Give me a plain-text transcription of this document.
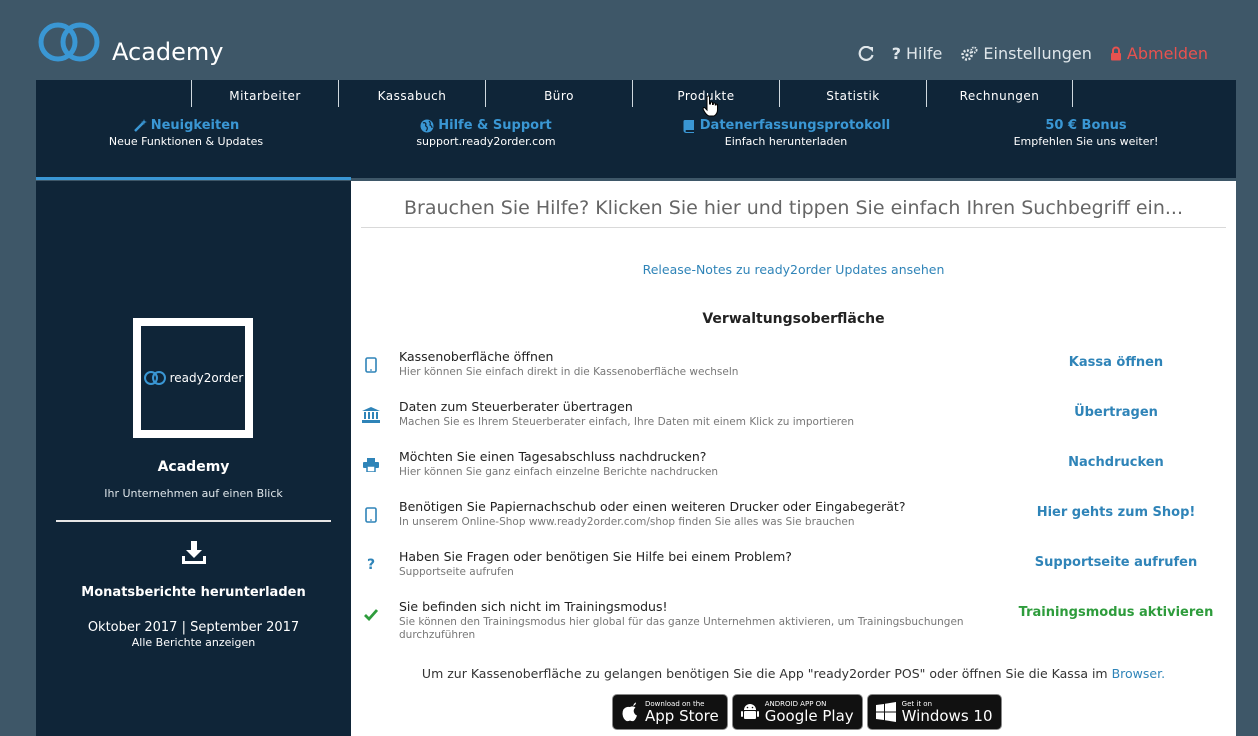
Academy	? Hilfe	Einstellungen Abmelden
Mitarbeiter	Kassabuch	Büro	Produkte	Statistik	Rechnungen
Neuigkeiten
Neue Funktionen & Updates
Hilfe & Support
support.ready2order.com
Datenerfassungsprotokoll
Einfach herunterladen
50 € Bonus
Empfehlen Sie uns weiter!
ready2order
Academy
Ihr Unternehmen auf einen Blick
Monatsberichte herunterladen
Oktober 2017 | September 2017
Alle Berichte anzeigen
Brauchen Sie Hilfe? Klicken Sie hier und tippen Sie einfach Ihren Suchbegriff ein...
Release-Notes zu ready2order Updates ansehen
Verwaltungsoberfläche
Kassenoberfläche öffnen
Hier können Sie einfach direkt in die Kassenoberfläche wechseln
Kassa öffnen
Daten zum Steuerberater übertragen
Machen Sie es Ihrem Steuerberater einfach, Ihre Daten mit einem Klick zu importieren
Übertragen
Möchten Sie einen Tagesabschluss nachdrucken?
Hier können Sie ganz einfach einzelne Berichte nachdrucken
Nachdrucken
Benötigen Sie Papiernachschub oder einen weiteren Drucker oder Eingabegerät?
In unserem Online-Shop www.ready2order.com/shop finden Sie alles was Sie brauchen
Hier gehts zum Shop!
?
Haben Sie Fragen oder benötigen Sie Hilfe bei einem Problem?
Supportseite aufrufen
Supportseite aufrufen
Sie befinden sich nicht im Trainingsmodus!
Sie können den Trainingsmodus hier global für das ganze Unternehmen aktivieren, um Trainingsbuchungen durchzuführen
Trainingsmodus aktivieren
Um zur Kassenoberfläche zu gelangen benötigen Sie die App "ready2order POS" oder öffnen Sie die Kassa im Browser.
Download on the
App Store
ANDROID APP ON
Google Play
Get it on
Windows 10
